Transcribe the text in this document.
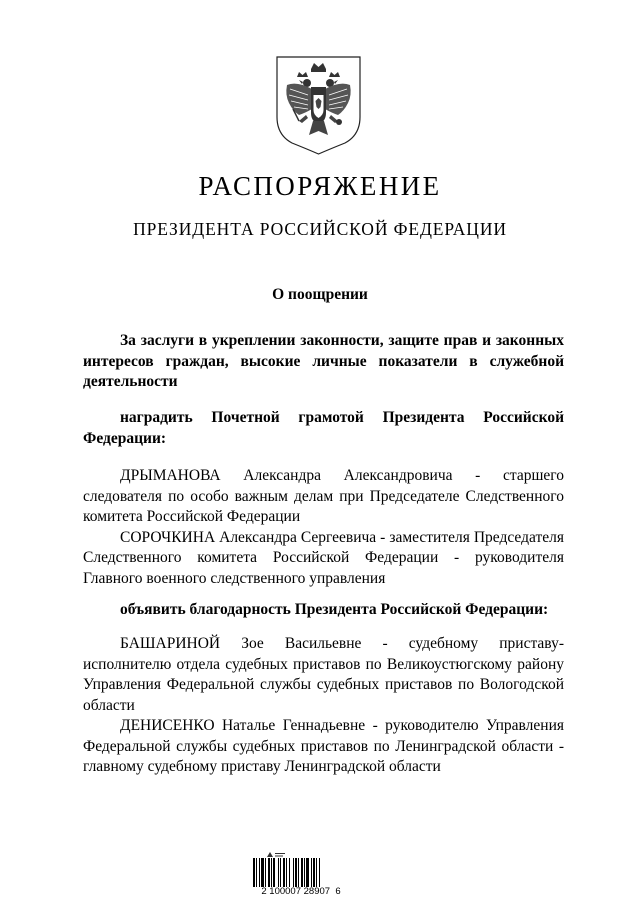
РАСПОРЯЖЕНИЕ
ПРЕЗИДЕНТА РОССИЙСКОЙ ФЕДЕРАЦИИ
О поощрении

За заслуги в укреплении законности, защите прав и законных интересов граждан, высокие личные показатели в служебной деятельности

наградить Почетной грамотой Президента Российской Федерации:

ДРЫМАНОВА Александра Александровича - старшего следователя по особо важным делам при Председателе Следственного комитета Российской Федерации

СОРОЧКИНА Александра Сергеевича - заместителя Председателя Следственного комитета Российской Федерации - руководителя Главного военного следственного управления

объявить благодарность Президента Российской Федерации:

БАШАРИНОЙ Зое Васильевне - судебному приставу-исполнителю отдела судебных приставов по Великоустюгскому району Управления Федеральной службы судебных приставов по Вологодской области

ДЕНИСЕНКО Наталье Геннадьевне - руководителю Управления Федеральной службы судебных приставов по Ленинградской области - главному судебному приставу Ленинградской области

2 100007 28907  6
